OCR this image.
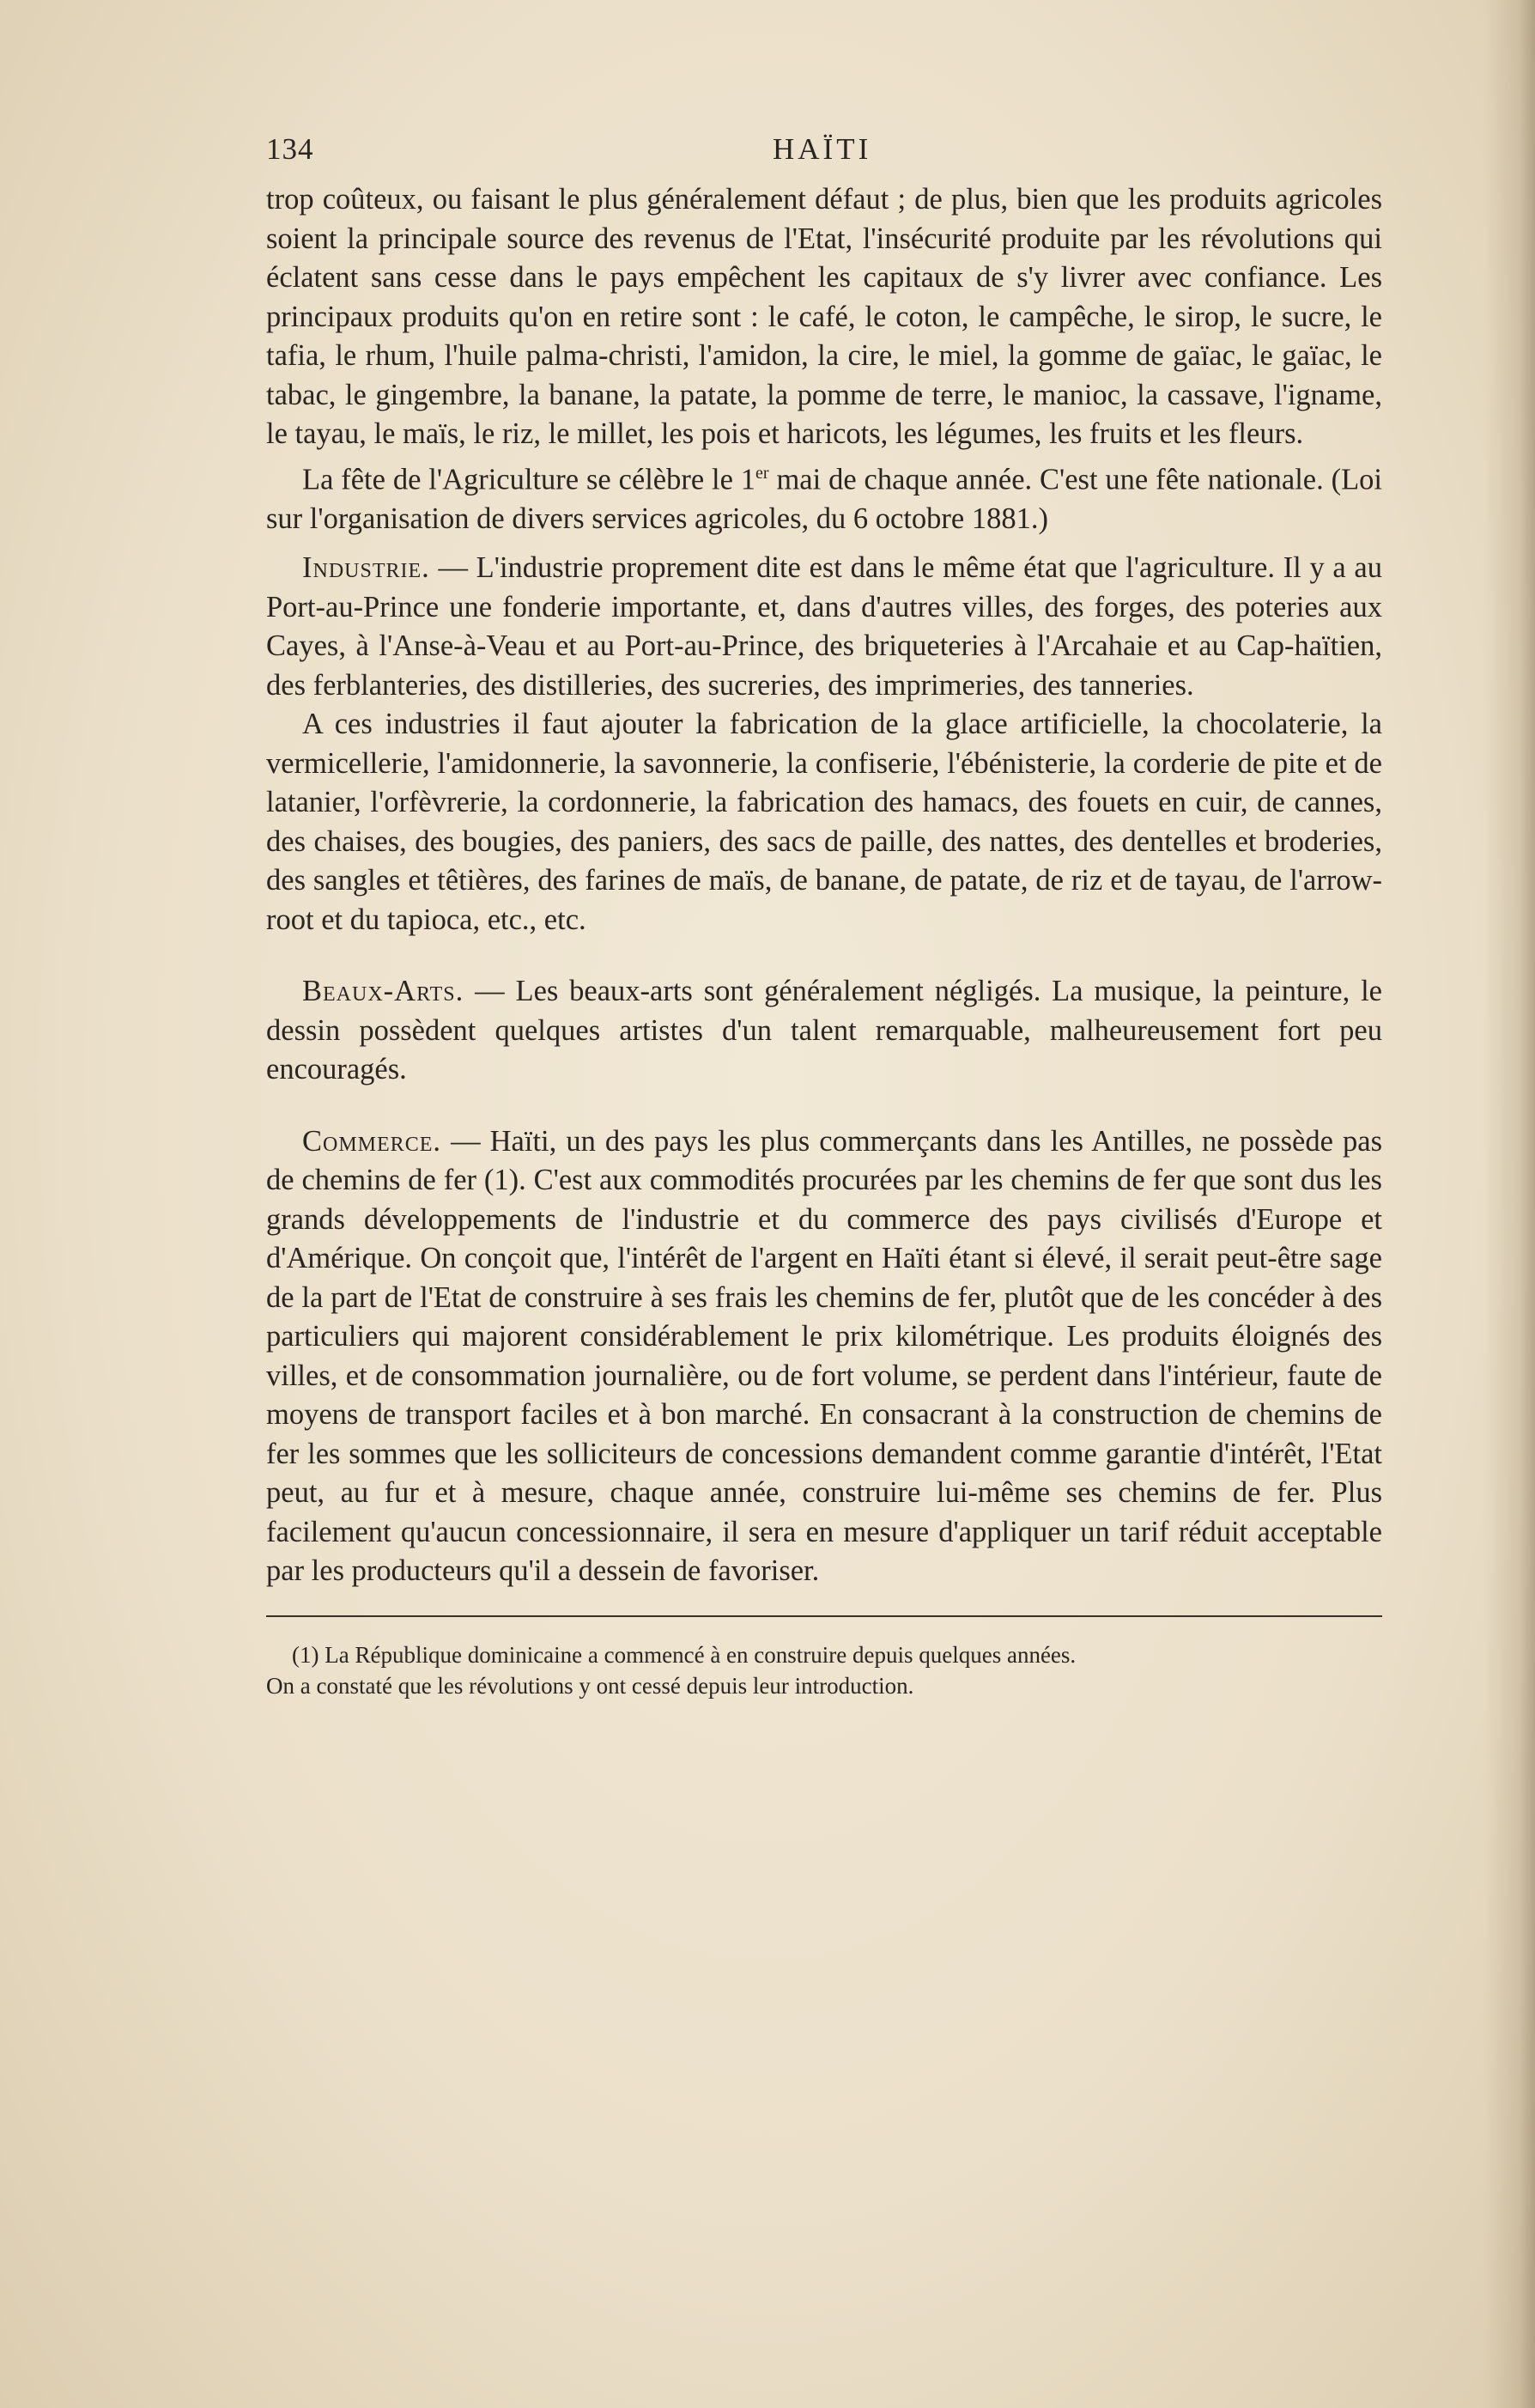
134	HAÏTI

trop coûteux, ou faisant le plus généralement défaut ; de plus, bien que les produits agricoles soient la principale source des revenus de l'Etat, l'insécurité produite par les révolutions qui éclatent sans cesse dans le pays empêchent les capitaux de s'y livrer avec confiance. Les principaux produits qu'on en retire sont : le café, le coton, le campêche, le sirop, le sucre, le tafia, le rhum, l'huile palma-christi, l'amidon, la cire, le miel, la gomme de gaïac, le gaïac, le tabac, le gingembre, la banane, la patate, la pomme de terre, le manioc, la cassave, l'igname, le tayau, le maïs, le riz, le millet, les pois et haricots, les légumes, les fruits et les fleurs.

La fête de l'Agriculture se célèbre le 1er mai de chaque année. C'est une fête nationale. (Loi sur l'organisation de divers services agricoles, du 6 octobre 1881.)

Industrie. — L'industrie proprement dite est dans le même état que l'agriculture. Il y a au Port-au-Prince une fonderie importante, et, dans d'autres villes, des forges, des poteries aux Cayes, à l'Anse-à-Veau et au Port-au-Prince, des briqueteries à l'Arcahaie et au Cap-haïtien, des ferblanteries, des distilleries, des sucreries, des imprimeries, des tanneries.

A ces industries il faut ajouter la fabrication de la glace artificielle, la chocolaterie, la vermicellerie, l'amidonnerie, la savonnerie, la confiserie, l'ébénisterie, la corderie de pite et de latanier, l'orfèvrerie, la cordonnerie, la fabrication des hamacs, des fouets en cuir, de cannes, des chaises, des bougies, des paniers, des sacs de paille, des nattes, des dentelles et broderies, des sangles et têtières, des farines de maïs, de banane, de patate, de riz et de tayau, de l'arrow-root et du tapioca, etc., etc.

Beaux-Arts. — Les beaux-arts sont généralement négligés. La musique, la peinture, le dessin possèdent quelques artistes d'un talent remarquable, malheureusement fort peu encouragés.

Commerce. — Haïti, un des pays les plus commerçants dans les Antilles, ne possède pas de chemins de fer (1). C'est aux commodités procurées par les chemins de fer que sont dus les grands développements de l'industrie et du commerce des pays civilisés d'Europe et d'Amérique. On conçoit que, l'intérêt de l'argent en Haïti étant si élevé, il serait peut-être sage de la part de l'Etat de construire à ses frais les chemins de fer, plutôt que de les concéder à des particuliers qui majorent considérablement le prix kilométrique. Les produits éloignés des villes, et de consommation journalière, ou de fort volume, se perdent dans l'intérieur, faute de moyens de transport faciles et à bon marché. En consacrant à la construction de chemins de fer les sommes que les solliciteurs de concessions demandent comme garantie d'intérêt, l'Etat peut, au fur et à mesure, chaque année, construire lui-même ses chemins de fer. Plus facilement qu'aucun concessionnaire, il sera en mesure d'appliquer un tarif réduit acceptable par les producteurs qu'il a dessein de favoriser.

(1) La République dominicaine a commencé à en construire depuis quelques années.

On a constaté que les révolutions y ont cessé depuis leur introduction.
